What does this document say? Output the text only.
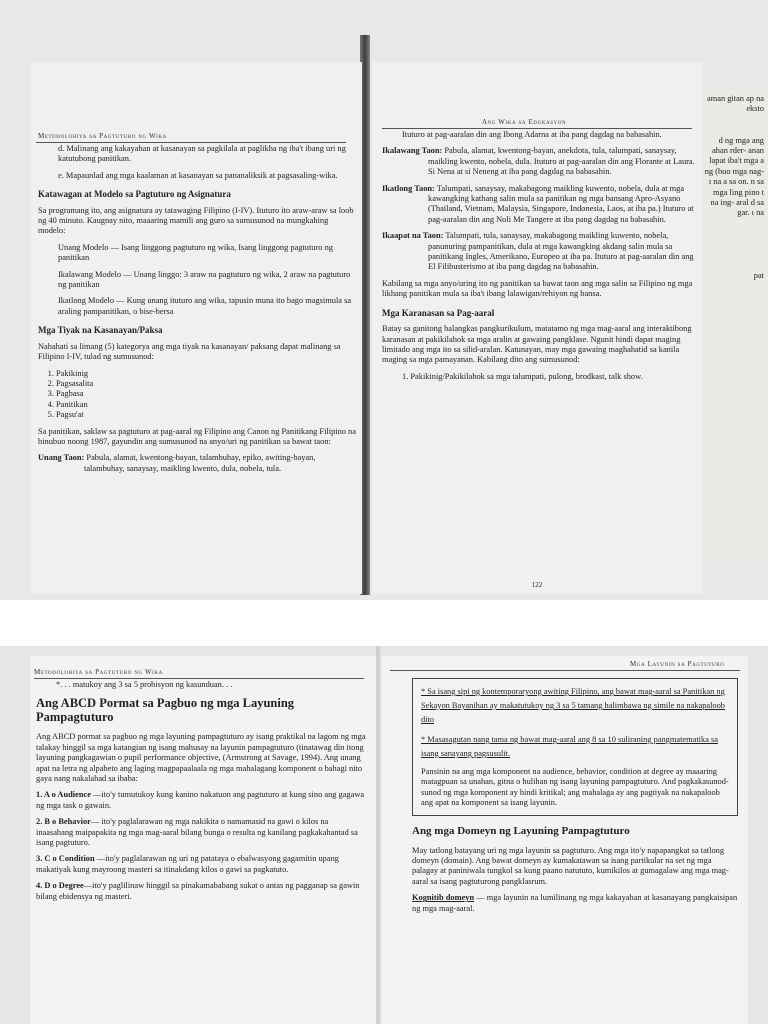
Metodolohiya sa Pagtuturo ng Wika

d. Malinang ang kakayahan at kasanayan sa pagkilala at paglikha ng iba't ibang uri ng katutubong panitikan.

e. Mapaunlad ang mga kaalaman at kasanayan sa pananaliksik at pagsasaling-wika.

Katawagan at Modelo sa Pagtuturo ng Asignatura

Sa programang ito, ang asignatura ay tatawaging Filipino (I-IV). Ituturo ito araw-araw sa loob ng 40 minuto. Kaugnay nito, maaaring mamili ang guro sa sumusunod na mungkahing modelo:

Unang Modelo — Isang linggong pagtuturo ng wika, Isang linggong pagtuturo ng panitikan

Ikalawang Modelo — Unang linggo: 3 araw na pagtuturo ng wika, 2 araw na pagtuturo ng panitikan

Ikatlong Modelo — Kung unang ituturo ang wika, tapusin muna ito bago magsimula sa araling pampanitikan, o bise-bersa

Mga Tiyak na Kasanayan/Paksa

Nahahati sa limang (5) kategorya ang mga tiyak na kasanayan/ paksang dapat malinang sa Filipino I-IV, tulad ng sumusunod:

1. Pakikinig
2. Pagsasalita
3. Pagbasa
4. Panitikan
5. Pagsu'at

Sa panitikan, saklaw sa pagtuturo at pag-aaral ng Filipino ang Canon ng Panitikang Filipino na binubuo noong 1987, gayundin ang sumusunod na anyo/uri ng panitikan sa bawat taon:

Unang Taon: Pabula, alamat, kwentong-bayan, talambuhay, epiko, awiting-bayan, talambuhay, sanaysay, maikling kwento, dula, nobela, tula.

Ang Wika sa Edukasyon

Ituturo at pag-aaralan din ang Ibong Adarna at iba pang dagdag na babasahin.

Ikalawang Taon: Pabula, alamat, kwentong-bayan, anekdota, tula, talumpati, sanaysay, maikling kwento, nobela, dula. Ituturo at pag-aaralan din ang Florante at Laura. Si Nena at si Neneng at iba pang dagdag na babasahin.

Ikatlong Taon: Talumpati, sanaysay, makabagong maikling kuwento, nobela, dula at mga kawangking kathang salin mula sa panitikan ng mga bansang Apro-Asyano (Thailand, Vietnam, Malaysia, Singapore, Indonesia, Laos, at iba pa.) Ituturo at pag-aaralan din ang Noli Me Tangere at iba pang dagdag na babasahin.

Ikaapat na Taon: Talumpati, tula, sanaysay, makabagong maikling kuwento, nobela, panunuring pampanitikan, dula at mga kawangking akdang salin mula sa panitikang Ingles, Amerikano, Europeo at iba pa. Ituturo at pag-aaralan din ang El Filibusterismo at iba pang dagdag na babasahin.

Kabilang sa mga anyo/uring ito ng panitikan sa bawat taon ang mga salin sa Filipino ng mga likhang panitikan mula sa iba't ibang lalawigan/rehiyon ng bansa.

Mga Karanasan sa Pag-aaral

Batay sa ganitong balangkas pangkurikulum, matatamo ng mga mag-aaral ang interaktibong karanasan at pakikilahok sa mga aralin at gawaing pangklase. Ngunit hindi dapat maging limitado ang mga ito sa silid-aralan. Katunayan, may mga gawaing maghahatid sa kanila maging sa mga pamayanan. Kabilang dito ang sumusunod:

1. Pakikinig/Pakikilahok sa mga talumpati, pulong, brodkast, talk show.

122
aman gitan ap na eksto

d ng mga ang ahan rder- anan lapat iba't mga a ng (buo mga nag- ı na a sa on. n sa mga ling pino t na ing- aral d sa gar. ı na

pat
Metodolohiya sa Pagtuturo ng Wika

*. . . matukoy ang 3 sa 5 probisyon ng kasunduan. . .

Ang ABCD Pormat sa Pagbuo ng mga Layuning Pampagtuturo

Ang ABCD pormat sa pagbuo ng mga layuning pampagtuturo ay isang praktikal na lagom ng mga talakay hinggil sa mga katangian ng isang mahusay na layunin pampagtuturo (tinatawag din itong layuning pangkagawian o pupil performance objective, (Armstrong at Savage, 1994). Ang unang apat na letra ng alpabeto ang laging magpapaalaala ng mga mahalagang komponent o bahagi nito gaya nang nakalahad sa ibaba:

1. A o Audience —ito'y tumutukoy kung kanino nakatuon ang pagtuturo at kung sino ang gagawa ng mga task o gawain.

2. B o Behavior— ito'y paglalarawan ng mga nakikita o namamasid na gawi o kilos na inaasahang maipapakita ng mga mag-aaral bilang bunga o resulta ng kanilang pagkakahantad sa isang pagtuturo.

3. C o Condition —ito'y paglalarawan ng uri ng patataya o ebalwasyong gagamitin upang makatiyak kung mayroong masteri sa itinakdang kilos o gawi sa pagkatuto.

4. D o Degree—ito'y paglilinaw hinggil sa pinakamababang sukat o antas ng pagganap sa gawin bilang ebidensya ng masteri.

Mga Layunin sa Pagtuturo

* Sa isang sipi ng kontemporaryong awiting Filipino, ang bawat mag-aaral sa Panitikan ng Sekayon Bayanihan ay makatutukoy ng 3 sa 5 tamang halimbawa ng simile na nakapaloob dito

* Masasagutan nang tama ng bawat mag-aaral ang 8 sa 10 suliraning pangmatematika sa isang sanayang pagsusulit.

Pansinin na ang mga komponent na audience, behavior, condition at degree ay maaaring matagpuan sa unahan, gitna o hulihan ng isang layuning pampagtuturo. And pagkakasunod-sunod ng mga komponent ay hindi kritikal; ang mahalaga ay ang pagtiyak na nakapaloob ang apat na komponent sa isang layunin.

Ang mga Domeyn ng Layuning Pampagtuturo

May tatlong batayang uri ng mga layunin sa pagtuturo. Ang mga ito'y napapangkat sa tatlong domeyn (domain). Ang bawat domeyn ay kumakatawan sa isang partikular na set ng mga palagay at paniniwala tungkol sa kung paano natututo, kumikilos at gumagalaw ang mga mag-aaral sa isang pagtuturong pangklasrum.

Kognitib domeyn — mga layunin na lumilinang ng mga kakayahan at kasanayang pangkaisipan ng mga mag-aaral.
